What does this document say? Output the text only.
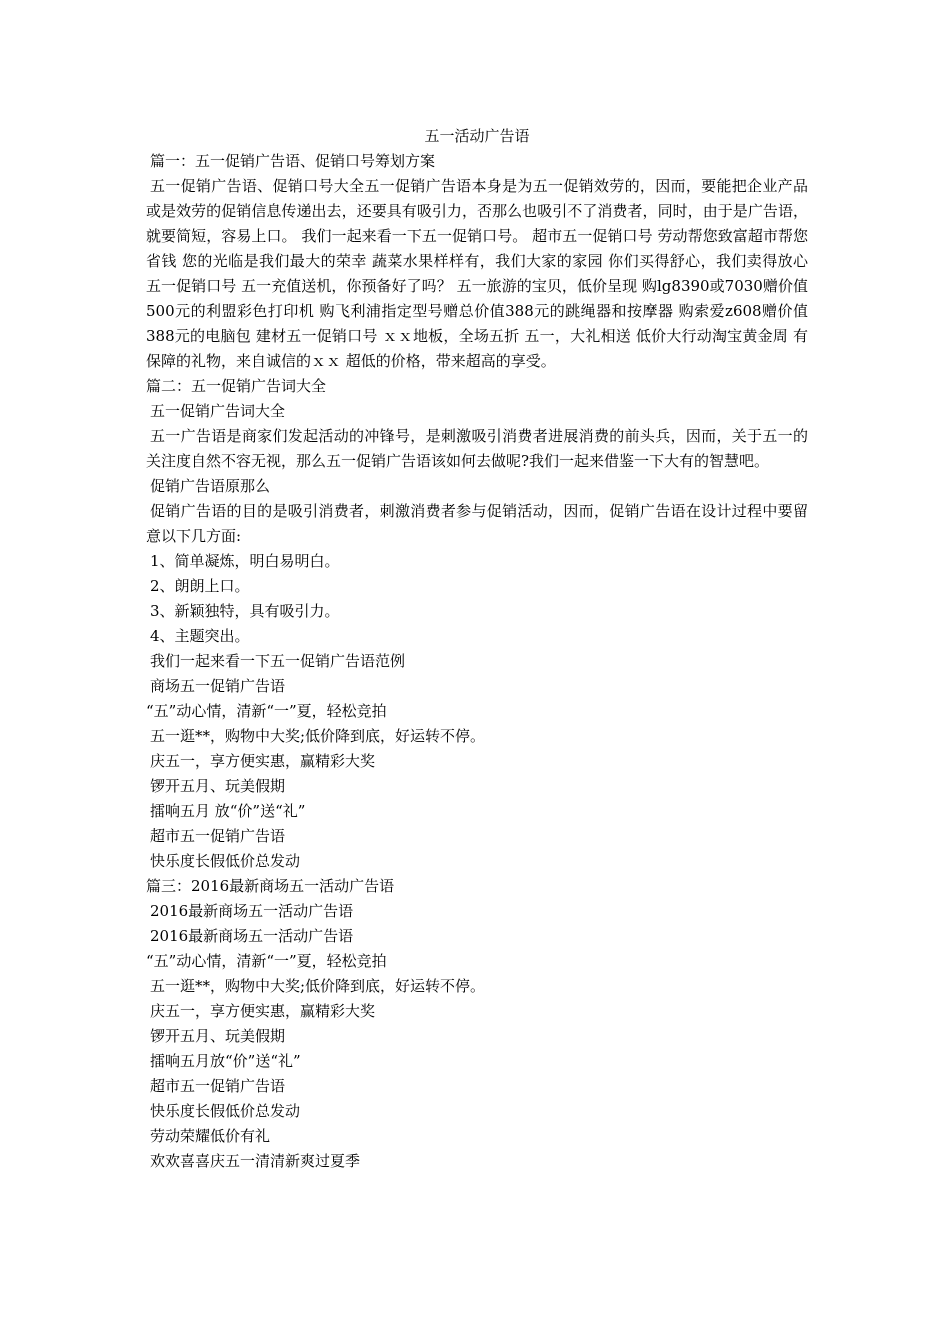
五一活动广告语

篇一：五一促销广告语、促销口号筹划方案

五一促销广告语、促销口号大全五一促销广告语本身是为五一促销效劳的，因而，要能把企业产品或是效劳的促销信息传递出去，还要具有吸引力，否那么也吸引不了消费者，同时，由于是广告语，就要简短，容易上口。 我们一起来看一下五一促销口号。 超市五一促销口号 劳动帮您致富超市帮您省钱 您的光临是我们最大的荣幸 蔬菜水果样样有，我们大家的家园 你们买得舒心，我们卖得放心 五一促销口号 五一充值送机，你预备好了吗？ 五一旅游的宝贝，低价呈现 购lg8390或7030赠价值500元的利盟彩色打印机 购飞利浦指定型号赠总价值388元的跳绳器和按摩器 购索爱z608赠价值388元的电脑包 建材五一促销口号 ｘｘ地板，全场五折 五一，大礼相送 低价大行动淘宝黄金周 有保障的礼物，来自诚信的ｘｘ 超低的价格，带来超高的享受。

篇二：五一促销广告词大全

五一促销广告词大全

五一广告语是商家们发起活动的冲锋号，是刺激吸引消费者进展消费的前头兵，因而，关于五一的关注度自然不容无视，那么五一促销广告语该如何去做呢?我们一起来借鉴一下大有的智慧吧。

促销广告语原那么

促销广告语的目的是吸引消费者，刺激消费者参与促销活动，因而，促销广告语在设计过程中要留意以下几方面:

1、简单凝炼，明白易明白。

2、朗朗上口。

3、新颖独特，具有吸引力。

4、主题突出。

我们一起来看一下五一促销广告语范例

商场五一促销广告语

“五”动心情，清新“一”夏，轻松竞拍

五一逛**，购物中大奖;低价降到底，好运转不停。

庆五一，享方便实惠，赢精彩大奖

锣开五月、玩美假期

擂响五月 放“价”送“礼”

超市五一促销广告语

快乐度长假低价总发动

篇三：2016最新商场五一活动广告语

2016最新商场五一活动广告语

2016最新商场五一活动广告语

“五”动心情，清新“一”夏，轻松竞拍

五一逛**，购物中大奖;低价降到底，好运转不停。

庆五一，享方便实惠，赢精彩大奖

锣开五月、玩美假期

擂响五月放“价”送“礼”

超市五一促销广告语

快乐度长假低价总发动

劳动荣耀低价有礼

欢欢喜喜庆五一清清新爽过夏季
